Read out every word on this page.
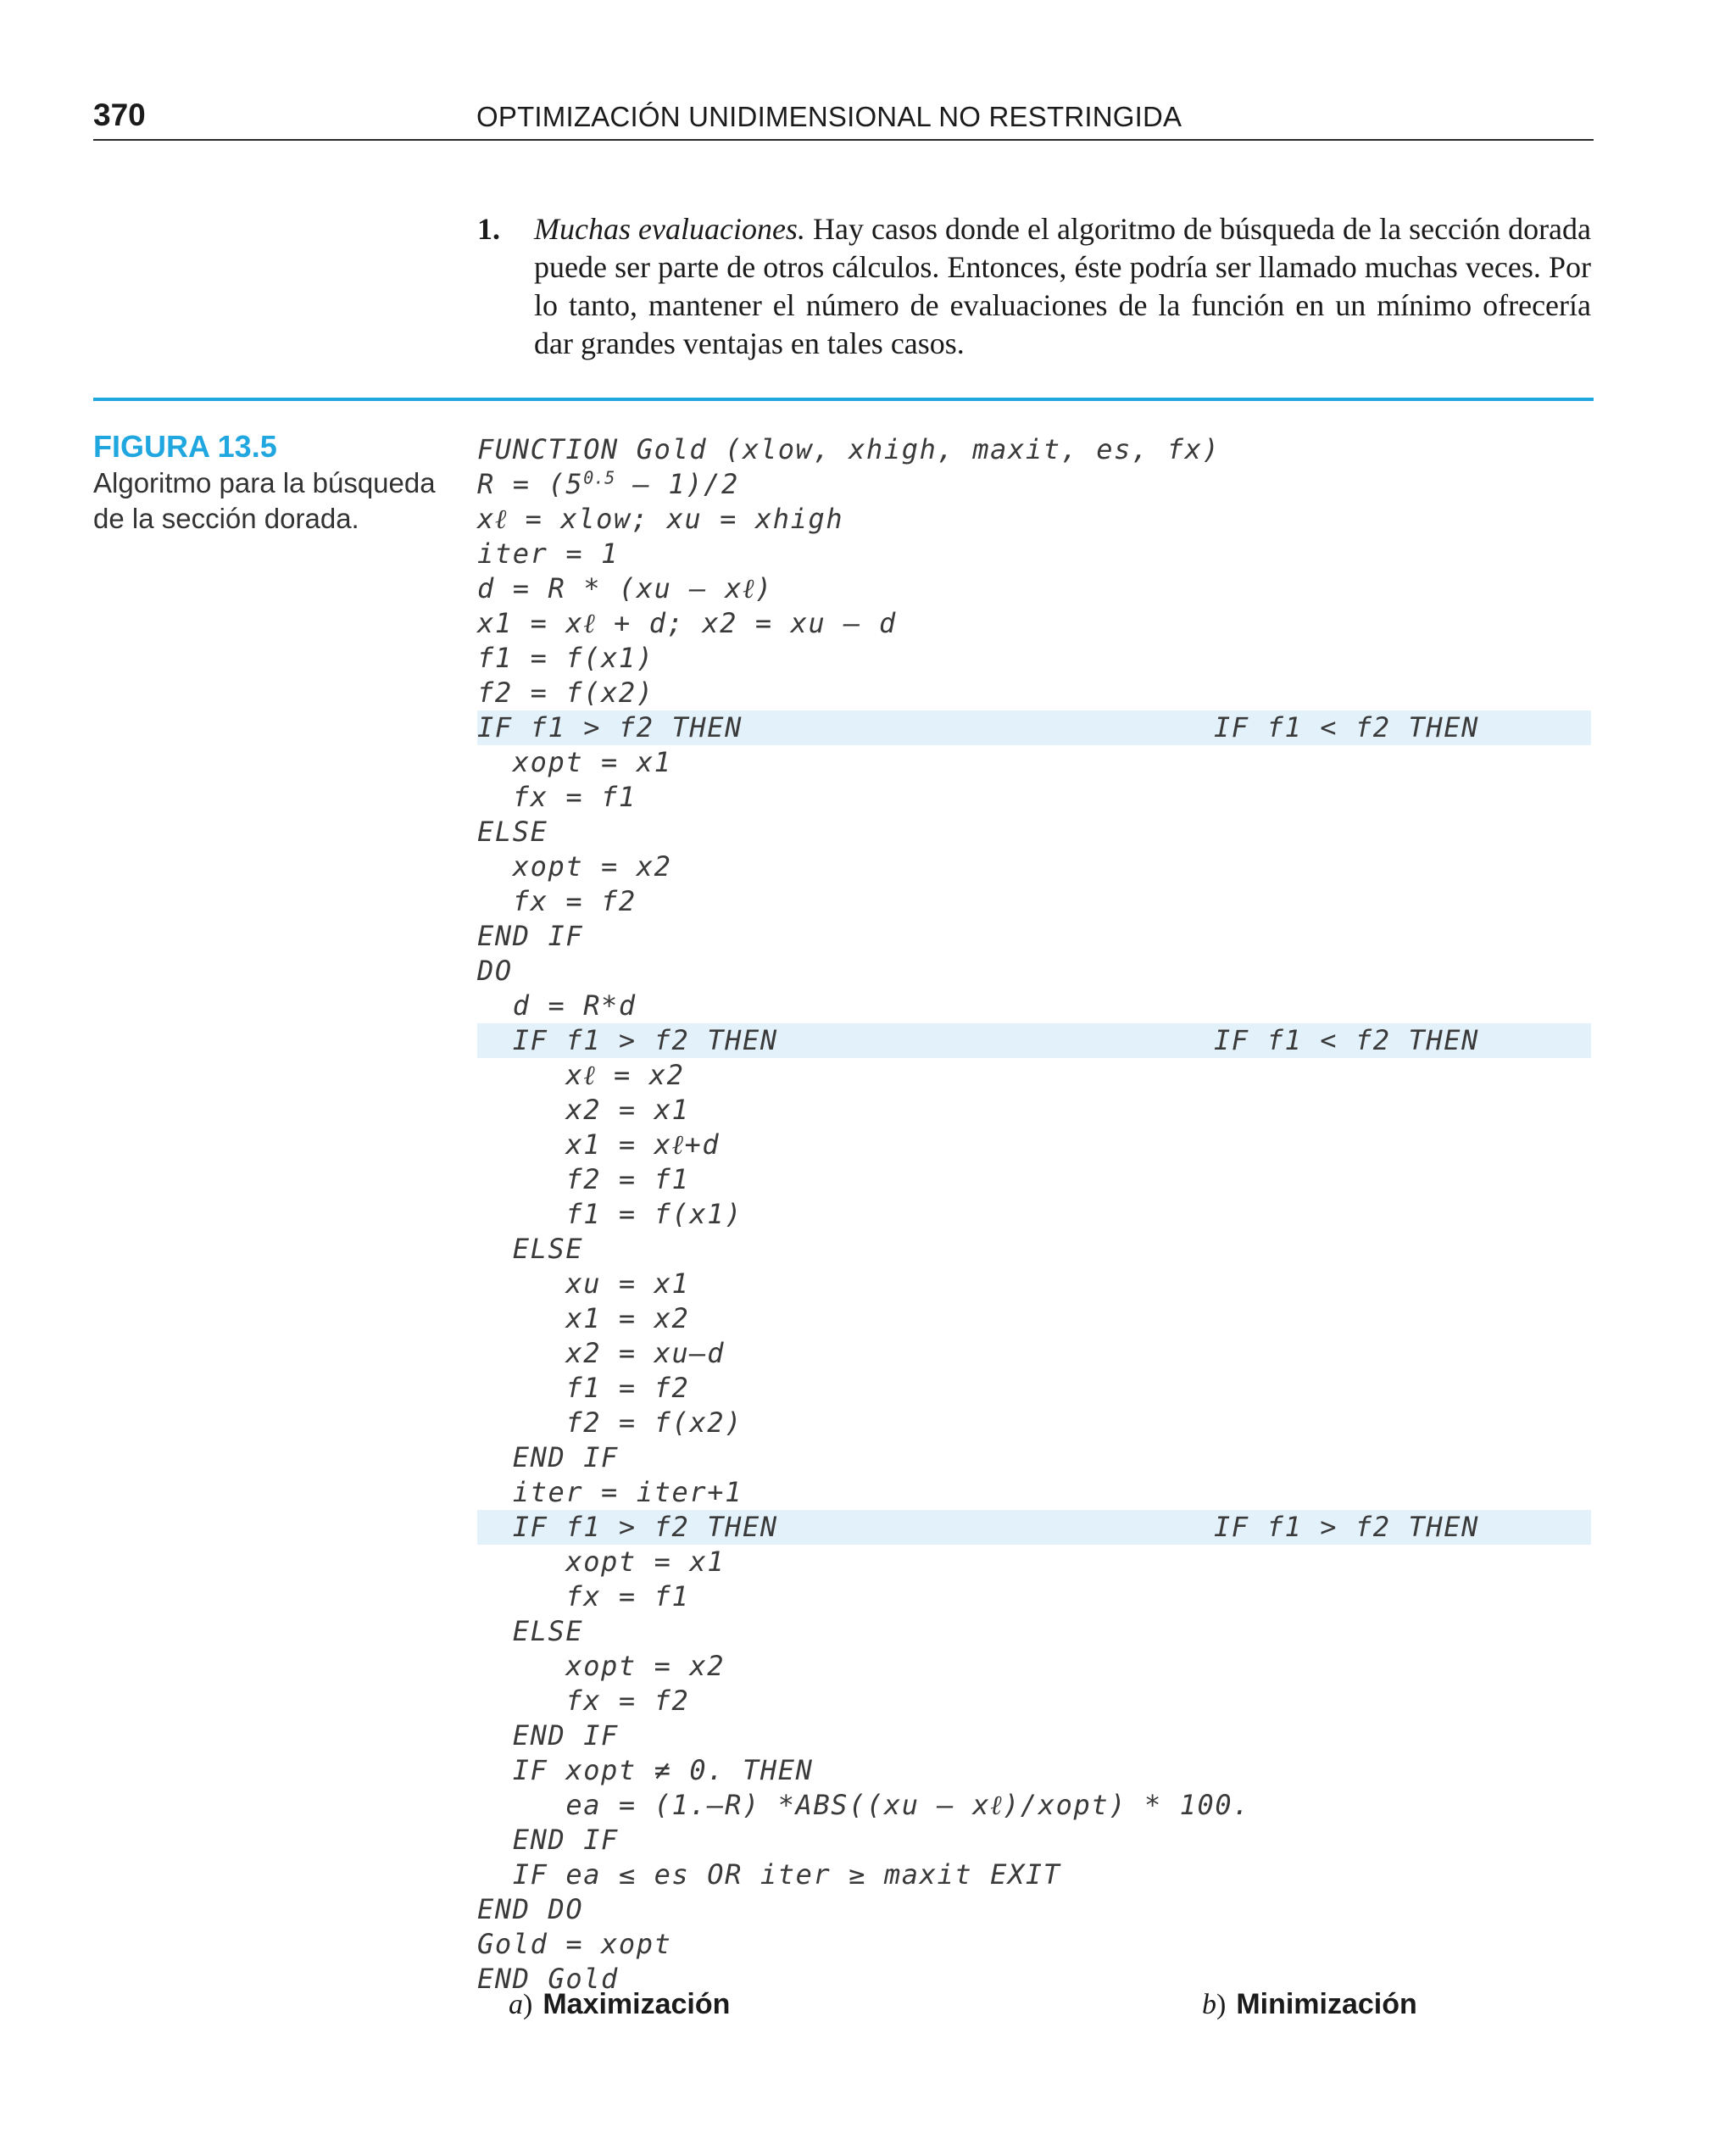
370	OPTIMIZACIÓN UNIDIMENSIONAL NO RESTRINGIDA
1. Muchas evaluaciones. Hay casos donde el algoritmo de búsqueda de la sección dorada puede ser parte de otros cálculos. Entonces, éste podría ser llamado muchas veces. Por lo tanto, mantener el número de evaluaciones de la función en un mínimo ofrecería dar grandes ventajas en tales casos.
FIGURA 13.5
Algoritmo para la búsqueda de la sección dorada.
FUNCTION Gold (xlow, xhigh, maxit, es, fx)
$R = (5^{0.5} - 1)/2$
xℓ = xlow; xu = xhigh
iter = 1
d = R * (xu – xℓ)
x1 = xℓ + d; x2 = xu – d
f1 = f(x1)
f2 = f(x2)
IF f1 > f2 THEN	IF f1 < f2 THEN
xopt = x1
fx = f1
ELSE
xopt = x2
fx = f2
END IF
DO
d = R*d
IF f1 > f2 THEN	IF f1 < f2 THEN
xℓ = x2
x2 = x1
x1 = xℓ+d
f2 = f1
f1 = f(x1)
ELSE
xu = x1
x1 = x2
x2 = xu–d
f1 = f2
f2 = f(x2)
END IF
iter = iter+1
IF f1 > f2 THEN	IF f1 > f2 THEN
xopt = x1
fx = f1
ELSE
xopt = x2
fx = f2
END IF
IF xopt ≠ 0. THEN
ea = (1.–R) *ABS((xu – xℓ)/xopt) * 100.
END IF
IF ea ≤ es OR iter ≥ maxit EXIT
END DO
Gold = xopt
END Gold
a) Maximización	b) Minimización
